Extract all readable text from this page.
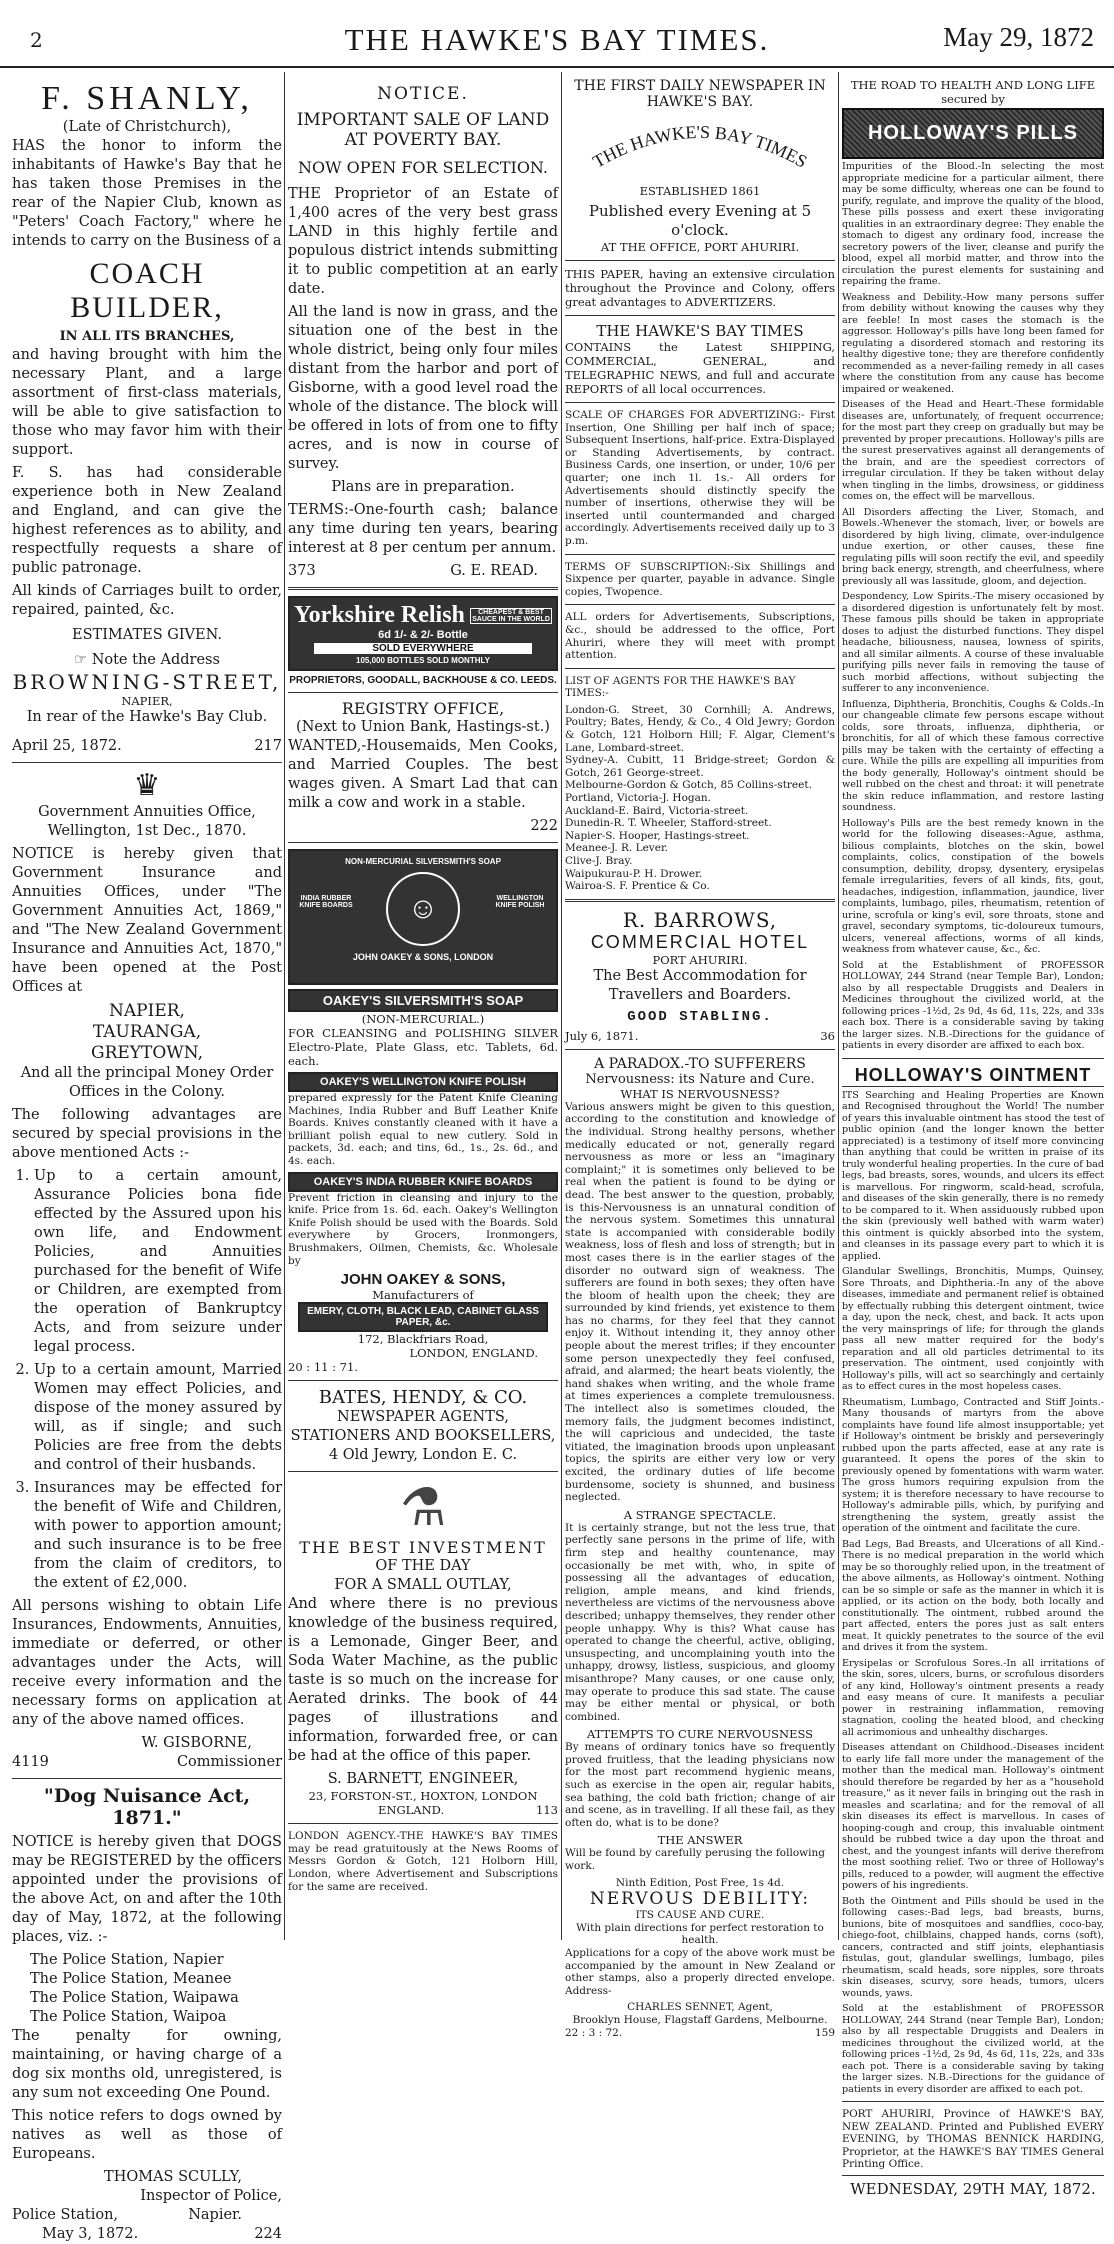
2	THE HAWKE'S BAY TIMES.	May 29, 1872
F. SHANLY,
(Late of Christchurch),

HAS the honor to inform the inhabitants of Hawke's Bay that he has taken those Premises in the rear of the Napier Club, known as "Peters' Coach Factory," where he intends to carry on the Business of a

COACH BUILDER,
IN ALL ITS BRANCHES,

and having brought with him the necessary Plant, and a large assortment of first-class materials, will be able to give satisfaction to those who may favor him with their support.

F. S. has had considerable experience both in New Zealand and England, and can give the highest references as to ability, and respectfully requests a share of public patronage.

All kinds of Carriages built to order, repaired, painted, &c.

ESTIMATES GIVEN.
☞ Note the Address
BROWNING-STREET,
NAPIER,
In rear of the Hawke's Bay Club.
April 25, 1872.	217
♛
Government Annuities Office,
Wellington, 1st Dec., 1870.

NOTICE is hereby given that Government Insurance and Annuities Offices, under "The Government Annuities Act, 1869," and "The New Zealand Government Insurance and Annuities Act, 1870," have been opened at the Post Offices at

NAPIER,
TAURANGA,
GREYTOWN,

And all the principal Money Order Offices in the Colony.

The following advantages are secured by special provisions in the above mentioned Acts :-

1. Up to a certain amount, Assurance Policies bona fide effected by the Assured upon his own life, and Endowment Policies, and Annuities purchased for the benefit of Wife or Children, are exempted from the operation of Bankruptcy Acts, and from seizure under legal process.
2. Up to a certain amount, Married Women may effect Policies, and dispose of the money assured by will, as if single; and such Policies are free from the debts and control of their husbands.
3. Insurances may be effected for the benefit of Wife and Children, with power to apportion amount; and such insurance is to be free from the claim of creditors, to the extent of £2,000.

All persons wishing to obtain Life Insurances, Endowments, Annuities, immediate or deferred, or other advantages under the Acts, will receive every information and the necessary forms on application at any of the above named offices.

W. GISBORNE,
4119	Commissioner
"Dog Nuisance Act, 1871."

NOTICE is hereby given that DOGS may be REGISTERED by the officers appointed under the provisions of the above Act, on and after the 10th day of May, 1872, at the following places, viz. :-

The Police Station, Napier
The Police Station, Meanee
The Police Station, Waipawa
The Police Station, Waipoa

The penalty for owning, maintaining, or having charge of a dog six months old, unregistered, is any sum not exceeding One Pound.

This notice refers to dogs owned by natives as well as those of Europeans.

THOMAS SCULLY,
Inspector of Police,
Police Station,	Napier.
May 3, 1872.	224
NOTICE.
IMPORTANT SALE OF LAND
AT POVERTY BAY.
NOW OPEN FOR SELECTION.

THE Proprietor of an Estate of 1,400 acres of the very best grass LAND in this highly fertile and populous district intends submitting it to public competition at an early date.

All the land is now in grass, and the situation one of the best in the whole district, being only four miles distant from the harbor and port of Gisborne, with a good level road the whole of the distance. The block will be offered in lots of from one to fifty acres, and is now in course of survey.

Plans are in preparation.

TERMS:-One-fourth cash; balance any time during ten years, bearing interest at 8 per centum per annum.

373	G. E. READ.
Yorkshire Relish	CHEAPEST & BEST SAUCE IN THE WORLD
6d 1/- & 2/- Bottle
SOLD EVERYWHERE
105,000 BOTTLES SOLD MONTHLY
PROPRIETORS, GOODALL, BACKHOUSE & CO. LEEDS.
REGISTRY OFFICE,
(Next to Union Bank, Hastings-st.)

WANTED,-Housemaids, Men Cooks, and Married Couples. The best wages given. A Smart Lad that can milk a cow and work in a stable.

222
NON-MERCURIAL SILVERSMITH'S SOAP
☺
INDIA RUBBER KNIFE BOARDS
WELLINGTON KNIFE POLISH
JOHN OAKEY & SONS, LONDON
OAKEY'S SILVERSMITH'S SOAP
(NON-MERCURIAL.)

FOR CLEANSING and POLISHING SILVER Electro-Plate, Plate Glass, etc. Tablets, 6d. each.

OAKEY'S WELLINGTON KNIFE POLISH

prepared expressly for the Patent Knife Cleaning Machines, India Rubber and Buff Leather Knife Boards. Knives constantly cleaned with it have a brilliant polish equal to new cutlery. Sold in packets, 3d. each; and tins, 6d., 1s., 2s. 6d., and 4s. each.

OAKEY'S INDIA RUBBER KNIFE BOARDS

Prevent friction in cleansing and injury to the knife. Price from 1s. 6d. each. Oakey's Wellington Knife Polish should be used with the Boards. Sold everywhere by Grocers, Ironmongers, Brushmakers, Oilmen, Chemists, &c. Wholesale by

JOHN OAKEY & SONS,
Manufacturers of
EMERY, CLOTH, BLACK LEAD, CABINET GLASS PAPER, &c.
172, Blackfriars Road,
LONDON, ENGLAND.
20 : 11 : 71.
BATES, HENDY, & CO.
NEWSPAPER AGENTS,
STATIONERS AND BOOKSELLERS,
4 Old Jewry, London E. C.
⚗
THE BEST INVESTMENT
OF THE DAY
FOR A SMALL OUTLAY,

And where there is no previous knowledge of the business required, is a Lemonade, Ginger Beer, and Soda Water Machine, as the public taste is so much on the increase for Aerated drinks. The book of 44 pages of illustrations and information, forwarded free, or can be had at the office of this paper.

S. BARNETT, ENGINEER,
23, FORSTON-ST., HOXTON, LONDON
ENGLAND.	113

LONDON AGENCY.-THE HAWKE'S BAY TIMES may be read gratuitously at the News Rooms of Messrs Gordon & Gotch, 121 Holborn Hill, London, where Advertisement and Subscriptions for the same are received.

THE FIRST DAILY NEWSPAPER IN HAWKE'S BAY.
THE HAWKE'S BAY TIMES
ESTABLISHED 1861
Published every Evening at 5 o'clock.
AT THE OFFICE, PORT AHURIRI.

THIS PAPER, having an extensive circulation throughout the Province and Colony, offers great advantages to ADVERTIZERS.

THE HAWKE'S BAY TIMES

CONTAINS the Latest SHIPPING, COMMERCIAL, GENERAL, and TELEGRAPHIC NEWS, and full and accurate REPORTS of all local occurrences.

SCALE OF CHARGES FOR ADVERTIZING:- First Insertion, One Shilling per half inch of space; Subsequent Insertions, half-price. Extra-Displayed or Standing Advertisements, by contract. Business Cards, one insertion, or under, 10/6 per quarter; one inch 1l. 1s.- All orders for Advertisements should distinctly specify the number of insertions, otherwise they will be inserted until countermanded and charged accordingly. Advertisements received daily up to 3 p.m.

TERMS OF SUBSCRIPTION:-Six Shillings and Sixpence per quarter, payable in advance. Single copies, Twopence.

ALL orders for Advertisements, Subscriptions, &c., should be addressed to the office, Port Ahuriri, where they will meet with prompt attention.

LIST OF AGENTS FOR THE HAWKE'S BAY TIMES:-

London-G. Street, 30 Cornhill; A. Andrews, Poultry; Bates, Hendy, & Co., 4 Old Jewry; Gordon & Gotch, 121 Holborn Hill; F. Algar, Clement's Lane, Lombard-street.
Sydney-A. Cubitt, 11 Bridge-street; Gordon & Gotch, 261 George-street.
Melbourne-Gordon & Gotch, 85 Collins-street.
Portland, Victoria-J. Hogan.
Auckland-E. Baird, Victoria-street.
Dunedin-R. T. Wheeler, Stafford-street.
Napier-S. Hooper, Hastings-street.
Meanee-J. R. Lever.
Clive-J. Bray.
Waipukurau-P. H. Drower.
Wairoa-S. F. Prentice & Co.
R. BARROWS,
COMMERCIAL HOTEL
PORT AHURIRI.
The Best Accommodation for Travellers and Boarders.
GOOD STABLING.
July 6, 1871.	36
A PARADOX.-TO SUFFERERS
Nervousness: its Nature and Cure.
WHAT IS NERVOUSNESS?

Various answers might be given to this question, according to the constitution and knowledge of the individual. Strong healthy persons, whether medically educated or not, generally regard nervousness as more or less an "imaginary complaint;" it is sometimes only believed to be real when the patient is found to be dying or dead. The best answer to the question, probably, is this-Nervousness is an unnatural condition of the nervous system. Sometimes this unnatural state is accompanied with considerable bodily weakness, loss of flesh and loss of strength; but in most cases there is in the earlier stages of the disorder no outward sign of weakness. The sufferers are found in both sexes; they often have the bloom of health upon the cheek; they are surrounded by kind friends, yet existence to them has no charms, for they feel that they cannot enjoy it. Without intending it, they annoy other people about the merest trifles; if they encounter some person unexpectedly they feel confused, afraid, and alarmed; the heart beats violently, the hand shakes when writing, and the whole frame at times experiences a complete tremulousness. The intellect also is sometimes clouded, the memory fails, the judgment becomes indistinct, the will capricious and undecided, the taste vitiated, the imagination broods upon unpleasant topics, the spirits are either very low or very excited, the ordinary duties of life become burdensome, society is shunned, and business neglected.

A STRANGE SPECTACLE.

It is certainly strange, but not the less true, that perfectly sane persons in the prime of life, with firm step and healthy countenance, may occasionally be met with, who, in spite of possessing all the advantages of education, religion, ample means, and kind friends, nevertheless are victims of the nervousness above described; unhappy themselves, they render other people unhappy. Why is this? What cause has operated to change the cheerful, active, obliging, unsuspecting, and uncomplaining youth into the unhappy, drowsy, listless, suspicious, and gloomy misanthrope? Many causes, or one cause only, may operate to produce this sad state. The cause may be either mental or physical, or both combined.

ATTEMPTS TO CURE NERVOUSNESS

By means of ordinary tonics have so frequently proved fruitless, that the leading physicians now for the most part recommend hygienic means, such as exercise in the open air, regular habits, sea bathing, the cold bath friction; change of air and scene, as in travelling. If all these fail, as they often do, what is to be done?

THE ANSWER

Will be found by carefully perusing the following work.

Ninth Edition, Post Free, 1s 4d.
NERVOUS DEBILITY:
ITS CAUSE AND CURE.
With plain directions for perfect restoration to health.

Applications for a copy of the above work must be accompanied by the amount in New Zealand or other stamps, also a properly directed envelope. Address-

CHARLES SENNET, Agent,
Brooklyn House, Flagstaff Gardens, Melbourne.
22 : 3 : 72.	159
THE ROAD TO HEALTH AND LONG LIFE secured by
HOLLOWAY'S PILLS

Impurities of the Blood.-In selecting the most appropriate medicine for a particular ailment, there may be some difficulty, whereas one can be found to purify, regulate, and improve the quality of the blood, These pills possess and exert these invigorating qualities in an extraordinary degree: They enable the stomach to digest any ordinary food, increase the secretory powers of the liver, cleanse and purify the blood, expel all morbid matter, and throw into the circulation the purest elements for sustaining and repairing the frame.

Weakness and Debility.-How many persons suffer from debility without knowing the causes why they are feeble! In most cases the stomach is the aggressor. Holloway's pills have long been famed for regulating a disordered stomach and restoring its healthy digestive tone; they are therefore confidently recommended as a never-failing remedy in all cases where the constitution from any cause has become impaired or weakened.

Diseases of the Head and Heart.-These formidable diseases are, unfortunately, of frequent occurrence; for the most part they creep on gradually but may be prevented by proper precautions. Holloway's pills are the surest preservatives against all derangements of the brain, and are the speediest correctors of irregular circulation. If they be taken without delay when tingling in the limbs, drowsiness, or giddiness comes on, the effect will be marvellous.

All Disorders affecting the Liver, Stomach, and Bowels.-Whenever the stomach, liver, or bowels are disordered by high living, climate, over-indulgence undue exertion, or other causes, these fine regulating pills will soon rectify the evil, and speedily bring back energy, strength, and cheerfulness, where previously all was lassitude, gloom, and dejection.

Despondency, Low Spirits.-The misery occasioned by a disordered digestion is unfortunately felt by most. These famous pills should be taken in appropriate doses to adjust the disturbed functions. They dispel headache, biliousness, nausea, lowness of spirits, and all similar ailments. A course of these invaluable purifying pills never fails in removing the tause of such morbid affections, without subjecting the sufferer to any inconvenience.

Influenza, Diphtheria, Bronchitis, Coughs & Colds.-In our changeable climate few persons escape without colds, sore throats, influenza, diphtheria, or bronchitis, for all of which these famous corrective pills may be taken with the certainty of effecting a cure. While the pills are expelling all impurities from the body generally, Holloway's ointment should be well rubbed on the chest and throat: it will penetrate the skin reduce inflammation, and restore lasting soundness.

Holloway's Pills are the best remedy known in the world for the following diseases:-Ague, asthma, bilious complaints, blotches on the skin, bowel complaints, colics, constipation of the bowels consumption, debility, dropsy, dysentery, erysipelas female irregularities, fevers of all kinds, fits, gout, headaches, indigestion, inflammation, jaundice, liver complaints, lumbago, piles, rheumatism, retention of urine, scrofula or king's evil, sore throats, stone and gravel, secondary symptoms, tic-doloureux tumours, ulcers, venereal affections, worms of all kinds, weakness from whatever cause, &c., &c.

Sold at the Establishment of PROFESSOR HOLLOWAY, 244 Strand (near Temple Bar), London; also by all respectable Druggists and Dealers in Medicines throughout the civilized world, at the following prices -1½d, 2s 9d, 4s 6d, 11s, 22s, and 33s each box. There is a considerable saving by taking the larger sizes. N.B.-Directions for the guidance of patients in every disorder are affixed to each box.

HOLLOWAY'S OINTMENT

ITS Searching and Healing Properties are Known and Recognised throughout the World! The number of years this invaluable ointment has stood the test of public opinion (and the longer known the better appreciated) is a testimony of itself more convincing than anything that could be written in praise of its truly wonderful healing properties. In the cure of bad legs, bad breasts, sores, wounds, and ulcers its effect is marvellous. For ringworm, scald-head, scrofula, and diseases of the skin generally, there is no remedy to be compared to it. When assiduously rubbed upon the skin (previously well bathed with warm water) this ointment is quickly absorbed into the system, and cleanses in its passage every part to which it is applied.

Glandular Swellings, Bronchitis, Mumps, Quinsey, Sore Throats, and Diphtheria.-In any of the above diseases, immediate and permanent relief is obtained by effectually rubbing this detergent ointment, twice a day, upon the neck, chest, and back. It acts upon the very mainsprings of life; for through the glands pass all new matter required for the body's reparation and all old particles detrimental to its preservation. The ointment, used conjointly with Holloway's pills, will act so searchingly and certainly as to effect cures in the most hopeless cases.

Rheumatism, Lumbago, Contracted and Stiff Joints.-Many thousands of martyrs from the above complaints have found life almost insupportable; yet if Holloway's ointment be briskly and perseveringly rubbed upon the parts affected, ease at any rate is guaranteed. It opens the pores of the skin to previously opened by fomentations with warm water. The gross humors requiring expulsion from the system; it is therefore necessary to have recourse to Holloway's admirable pills, which, by purifying and strengthening the system, greatly assist the operation of the ointment and facilitate the cure.

Bad Legs, Bad Breasts, and Ulcerations of all Kind.-There is no medical preparation in the world which may be so thoroughly relied upon, in the treatment of the above ailments, as Holloway's ointment. Nothing can be so simple or safe as the manner in which it is applied, or its action on the body, both locally and constitutionally. The ointment, rubbed around the part affected, enters the pores just as salt enters meat. It quickly penetrates to the source of the evil and drives it from the system.

Erysipelas or Scrofulous Sores.-In all irritations of the skin, sores, ulcers, burns, or scrofulous disorders of any kind, Holloway's ointment presents a ready and easy means of cure. It manifests a peculiar power in restraining inflammation, removing stagnation, cooling the heated blood, and checking all acrimonious and unhealthy discharges.

Diseases attendant on Childhood.-Diseases incident to early life fall more under the management of the mother than the medical man. Holloway's ointment should therefore be regarded by her as a "household treasure," as it never fails in bringing out the rash in measles and scarlatina; and for the removal of all skin diseases its effect is marvellous. In cases of hooping-cough and croup, this invaluable ointment should be rubbed twice a day upon the throat and chest, and the youngest infants will derive therefrom the most soothing relief. Two or three of Holloway's pills, reduced to a powder, will augment the effective powers of his ingredients.

Both the Ointment and Pills should be used in the following cases:-Bad legs, bad breasts, burns, bunions, bite of mosquitoes and sandflies, coco-bay, chiego-foot, chilblains, chapped hands, corns (soft), cancers, contracted and stiff joints, elephantiasis fistulas, gout, glandular swellings, lumbago, piles rheumatism, scald heads, sore nipples, sore throats skin diseases, scurvy, sore heads, tumors, ulcers wounds, yaws.

Sold at the establishment of PROFESSOR HOLLOWAY, 244 Strand (near Temple Bar), London; also by all respectable Druggists and Dealers in medicines throughout the civilized world, at the following prices -1½d, 2s 9d, 4s 6d, 11s, 22s, and 33s each pot. There is a considerable saving by taking the larger sizes. N.B.-Directions for the guidance of patients in every disorder are affixed to each pot.

PORT AHURIRI, Province of HAWKE'S BAY, NEW ZEALAND. Printed and Published EVERY EVENING, by THOMAS BENNICK HARDING, Proprietor, at the HAWKE'S BAY TIMES General Printing Office.

WEDNESDAY, 29TH MAY, 1872.
